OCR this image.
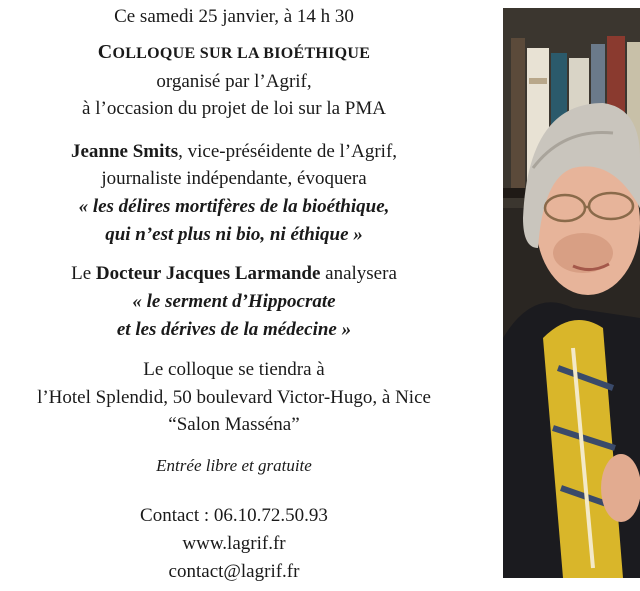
Ce samedi 25 janvier, à 14 h 30
COLLOQUE SUR LA BIOÉTHIQUE
organisé par l’Agrif,
à l’occasion du projet de loi sur la PMA
Jeanne Smits, vice-préséidente de l’Agrif,
journaliste indépendante, évoquera
« les délires mortifères de la bioéthique,
qui n’est plus ni bio, ni éthique »
Le Docteur Jacques Larmande analysera
« le serment d’Hippocrate
et les dérives de la médecine »
Le colloque se tiendra à
l’Hotel Splendid, 50 boulevard Victor-Hugo, à Nice
“Salon Masséna”
Entrée libre et gratuite
Contact : 06.10.72.50.93
www.lagrif.fr
contact@lagrif.fr
